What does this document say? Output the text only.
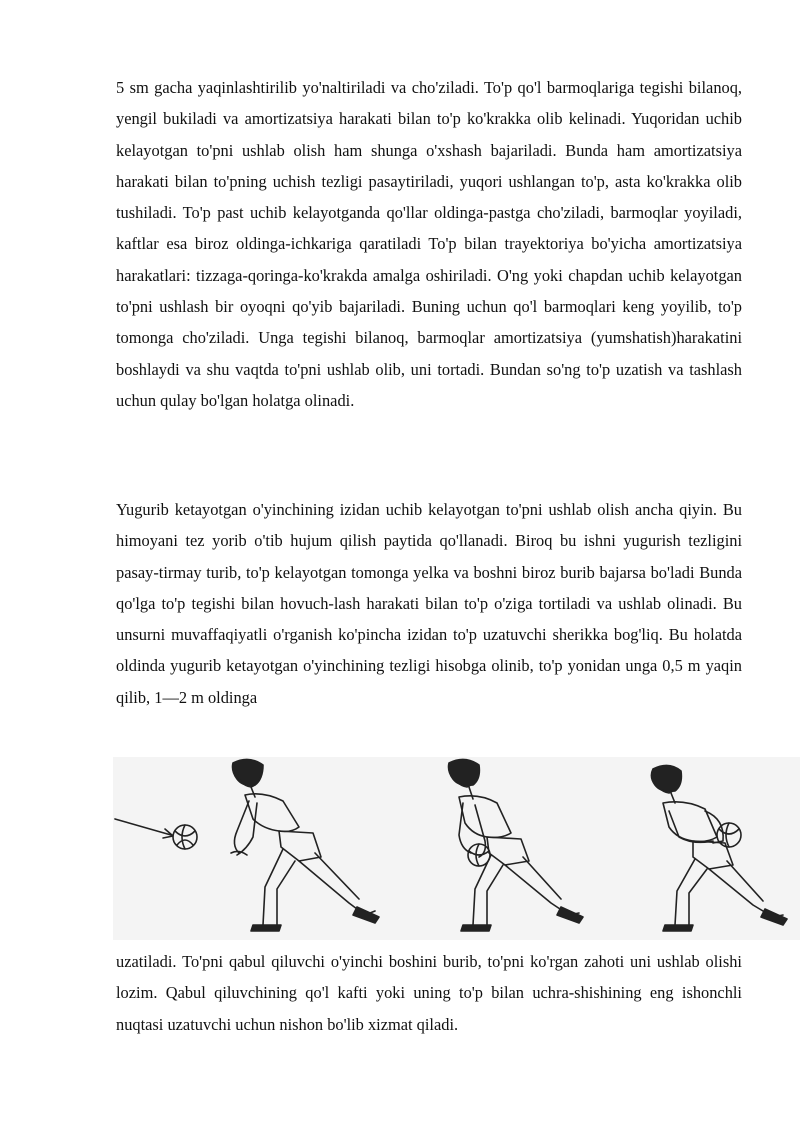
5 sm gacha yaqinlashtirilib yo'naltiriladi va cho'ziladi. To'p qo'l barmoqlariga tegishi bilanoq, yengil bukiladi va amortizatsiya harakati bilan to'p ko'krakka olib kelinadi. Yuqoridan uchib kelayotgan to'pni ushlab olish ham shunga o'xshash bajariladi. Bunda ham amortizatsiya harakati bilan to'pning uchish tezligi pasaytiriladi, yuqori ushlangan to'p, asta ko'krakka olib tushiladi. To'p past uchib kelayotganda qo'llar oldinga-pastga cho'ziladi, barmoqlar yoyiladi, kaftlar esa biroz oldinga-ichkariga qaratiladi To'p bilan trayektoriya bo'yicha amortizatsiya harakatlari: tizzaga-qoringa-ko'krakda amalga oshiriladi. O'ng yoki chapdan uchib kelayotgan to'pni ushlash bir oyoqni qo'yib bajariladi. Buning uchun qo'l barmoqlari keng yoyilib, to'p tomonga cho'ziladi. Unga tegishi bilanoq, barmoqlar amortizatsiya (yumshatish)harakatini boshlaydi va shu vaqtda to'pni ushlab olib, uni tortadi. Bundan so'ng to'p uzatish va tashlash uchun qulay bo'lgan holatga olinadi.

Yugurib ketayotgan o'yinchining izidan uchib kelayotgan to'pni ushlab olish ancha qiyin. Bu himoyani tez yorib o'tib hujum qilish paytida qo'llanadi. Biroq bu ishni yugurish tezligini pasay-tirmay turib, to'p kelayotgan tomonga yelka va boshni biroz burib bajarsa bo'ladi Bunda qo'lga to'p tegishi bilan hovuch-lash harakati bilan to'p o'ziga tortiladi va ushlab olinadi. Bu unsurni muvaffaqiyatli o'rganish ko'pincha izidan to'p uzatuvchi sherikka bog'liq. Bu holatda oldinda yugurib ketayotgan o'yinchining tezligi hisobga olinib, to'p yonidan unga 0,5 m yaqin qilib, 1—2 m oldinga

uzatiladi. To'pni qabul qiluvchi o'yinchi boshini burib, to'pni ko'rgan zahoti uni ushlab olishi lozim. Qabul qiluvchining qo'l kafti yoki uning to'p bilan uchra-shishining eng ishonchli nuqtasi uzatuvchi uchun nishon bo'lib xizmat qiladi.
